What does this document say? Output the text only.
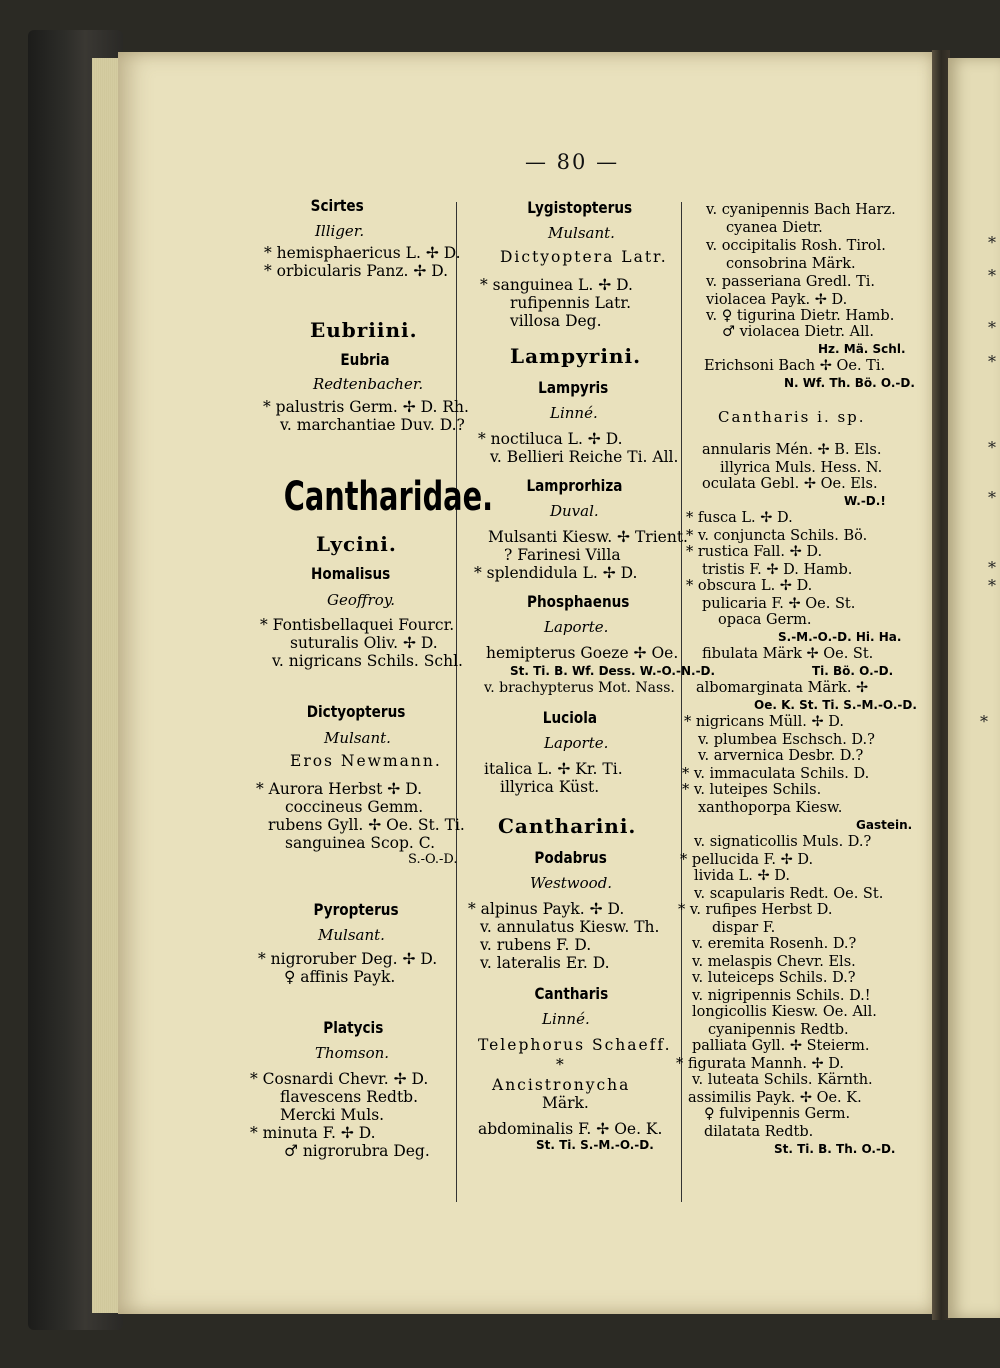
— 80 —
Scirtes
Illiger.
* hemisphaericus L. ✢ D.
* orbicularis Panz. ✢ D.
Eubriini.
Eubria
Redtenbacher.
* palustris Germ. ✢ D. Rh.
v. marchantiae Duv. D.?
Cantharidae.
Lycini.
Homalisus
Geoffroy.
* Fontisbellaquei Fourcr.
suturalis Oliv. ✢ D.
v. nigricans Schils. Schl.
Dictyopterus
Mulsant.
Eros Newmann.
* Aurora Herbst ✢ D.
coccineus Gemm.
rubens Gyll. ✢ Oe. St. Ti.
sanguinea Scop. C.
S.-O.-D.
Pyropterus
Mulsant.
* nigroruber Deg. ✢ D.
♀ affinis Payk.
Platycis
Thomson.
* Cosnardi Chevr. ✢ D.
flavescens Redtb.
Mercki Muls.
* minuta F. ✢ D.
♂ nigrorubra Deg.
Lygistopterus
Mulsant.
Dictyoptera Latr.
* sanguinea L. ✢ D.
rufipennis Latr.
villosa Deg.
Lampyrini.
Lampyris
Linné.
* noctiluca L. ✢ D.
v. Bellieri Reiche Ti. All.
Lamprorhiza
Duval.
Mulsanti Kiesw. ✢ Trient.
? Farinesi Villa
* splendidula L. ✢ D.
Phosphaenus
Laporte.
hemipterus Goeze ✢ Oe.
St. Ti. B. Wf. Dess. W.-O.-N.-D.
v. brachypterus Mot. Nass.
Luciola
Laporte.
italica L. ✢ Kr. Ti.
illyrica Küst.
Cantharini.
Podabrus
Westwood.
* alpinus Payk. ✢ D.
v. annulatus Kiesw. Th.
v. rubens F. D.
v. lateralis Er. D.
Cantharis
Linné.
Telephorus Schaeff.
*
Ancistronycha
Märk.
abdominalis F. ✢ Oe. K.
St. Ti. S.-M.-O.-D.
v. cyanipennis Bach Harz.
cyanea Dietr.
v. occipitalis Rosh. Tirol.
consobrina Märk.
v. passeriana Gredl. Ti.
violacea Payk. ✢ D.
v. ♀ tigurina Dietr. Hamb.
♂ violacea Dietr. All.
Hz. Mä. Schl.
Erichsoni Bach ✢ Oe. Ti.
N. Wf. Th. Bö. O.-D.
Cantharis i. sp.
annularis Mén. ✢ B. Els.
illyrica Muls. Hess. N.
oculata Gebl. ✢ Oe. Els.
W.-D.!
* fusca L. ✢ D.
* v. conjuncta Schils. Bö.
* rustica Fall. ✢ D.
tristis F. ✢ D. Hamb.
* obscura L. ✢ D.
pulicaria F. ✢ Oe. St.
opaca Germ.
S.-M.-O.-D. Hi. Ha.
fibulata Märk ✢ Oe. St.
Ti. Bö. O.-D.
albomarginata Märk. ✢
Oe. K. St. Ti. S.-M.-O.-D.
* nigricans Müll. ✢ D.
v. plumbea Eschsch. D.?
v. arvernica Desbr. D.?
* v. immaculata Schils. D.
* v. luteipes Schils.
xanthoporpa Kiesw.
Gastein.
v. signaticollis Muls. D.?
* pellucida F. ✢ D.
livida L. ✢ D.
v. scapularis Redt. Oe. St.
* v. rufipes Herbst D.
dispar F.
v. eremita Rosenh. D.?
v. melaspis Chevr. Els.
v. luteiceps Schils. D.?
v. nigripennis Schils. D.!
longicollis Kiesw. Oe. All.
cyanipennis Redtb.
palliata Gyll. ✢ Steierm.
* figurata Mannh. ✢ D.
v. luteata Schils. Kärnth.
assimilis Payk. ✢ Oe. K.
♀ fulvipennis Germ.
dilatata Redtb.
St. Ti. B. Th. O.-D.
*
*
*
*
*
*
*
*
*
